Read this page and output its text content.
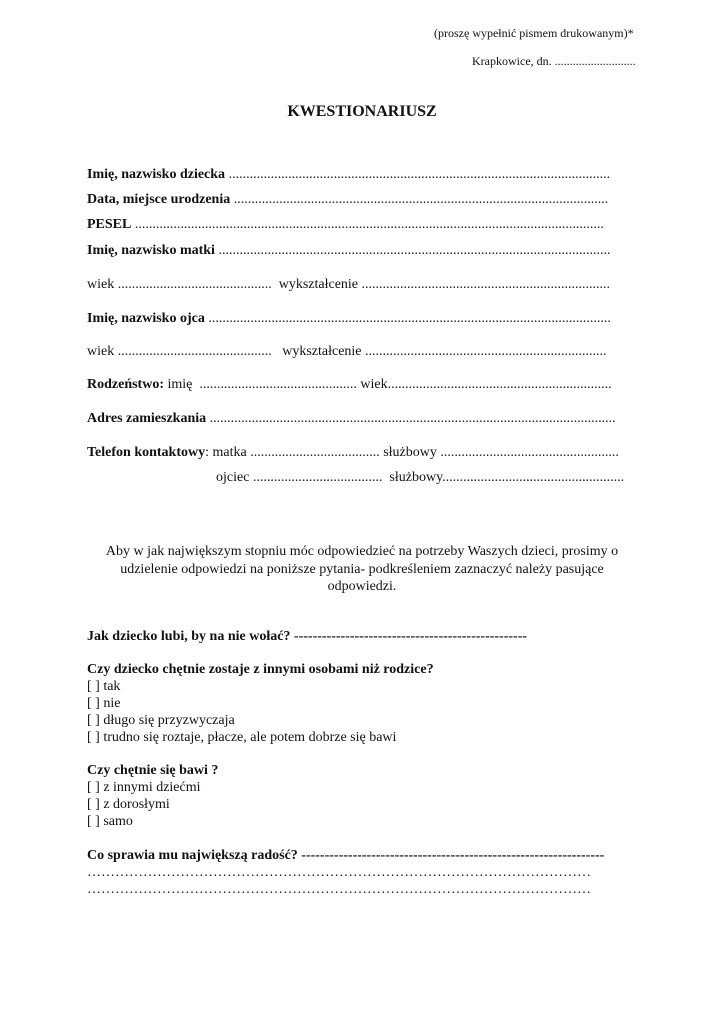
(proszę wypełnić pismem drukowanym)*
Krapkowice, dn. ...........................
KWESTIONARIUSZ
Imię, nazwisko dziecka .............................................................................................................
Data, miejsce urodzenia ...........................................................................................................
PESEL ......................................................................................................................................
Imię, nazwisko matki ................................................................................................................
wiek ............................................  wykształcenie .......................................................................
Imię, nazwisko ojca ...................................................................................................................
wiek ............................................   wykształcenie .....................................................................
Rodzeństwo: imię  ............................................. wiek................................................................
Adres zamieszkania ....................................................................................................................
Telefon kontaktowy: matka ..................................... służbowy ...................................................
ojciec .....................................  służbowy....................................................
Aby w jak największym stopniu móc odpowiedzieć na potrzeby Waszych dzieci, prosimy o
udzielenie odpowiedzi na poniższe pytania- podkreśleniem zaznaczyć należy pasujące
odpowiedzi.
Jak dziecko lubi, by na nie wołać? --------------------------------------------------
Czy dziecko chętnie zostaje z innymi osobami niż rodzice?
[ ] tak
[ ] nie
[ ] długo się przyzwyczaja
[ ] trudno się roztaje, płacze, ale potem dobrze się bawi
Czy chętnie się bawi ?
[ ] z innymi dziećmi
[ ] z dorosłymi
[ ] samo
Co sprawia mu największą radość? -----------------------------------------------------------------
………………………………………………………………………………………………
………………………………………………………………………………………………
